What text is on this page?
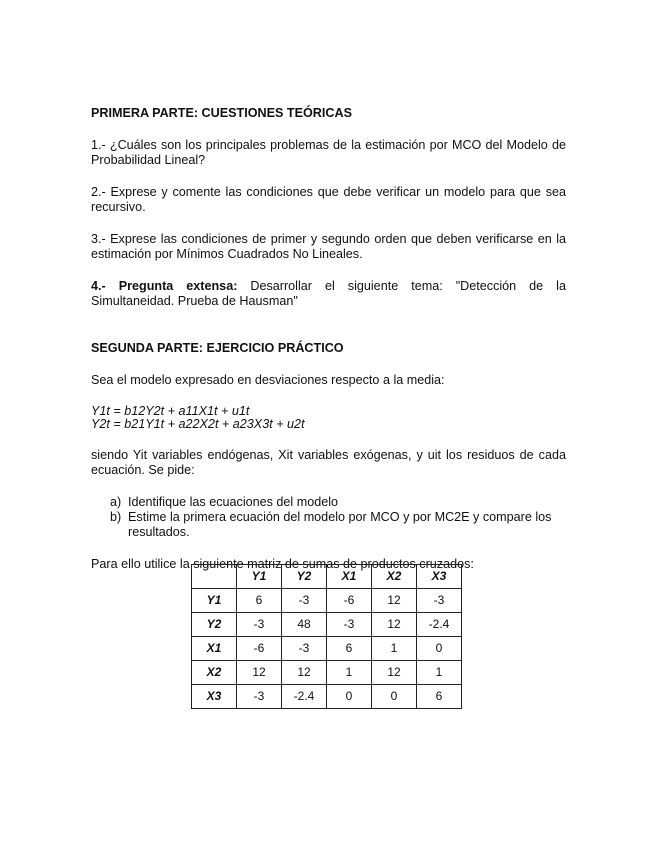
PRIMERA PARTE: CUESTIONES TEÓRICAS

1.- ¿Cuáles son los principales problemas de la estimación por MCO del Modelo de Probabilidad Lineal?

2.- Exprese y comente las condiciones que debe verificar un modelo para que sea recursivo.

3.- Exprese las condiciones de primer y segundo orden que deben verificarse en la estimación por Mínimos Cuadrados No Lineales.

4.- Pregunta extensa: Desarrollar el siguiente tema: "Detección de la Simultaneidad. Prueba de Hausman"

SEGUNDA PARTE: EJERCICIO PRÁCTICO

Sea el modelo expresado en desviaciones respecto a la media:

Y1t = b12Y2t + a11X1t + u1t

Y2t = b21Y1t + a22X2t + a23X3t + u2t

siendo Yit variables endógenas, Xit variables exógenas, y uit los residuos de cada ecuación. Se pide:

a) Identifique las ecuaciones del modelo
b) Estime la primera ecuación del modelo por MCO y por MC2E y compare los resultados.

Para ello utilice la siguiente matriz de sumas de productos cruzados:

	Y1	Y2	X1	X2	X3
Y1	6	-3	-6	12	-3
Y2	-3	48	-3	12	-2.4
X1	-6	-3	6	1	0
X2	12	12	1	12	1
X3	-3	-2.4	0	0	6
